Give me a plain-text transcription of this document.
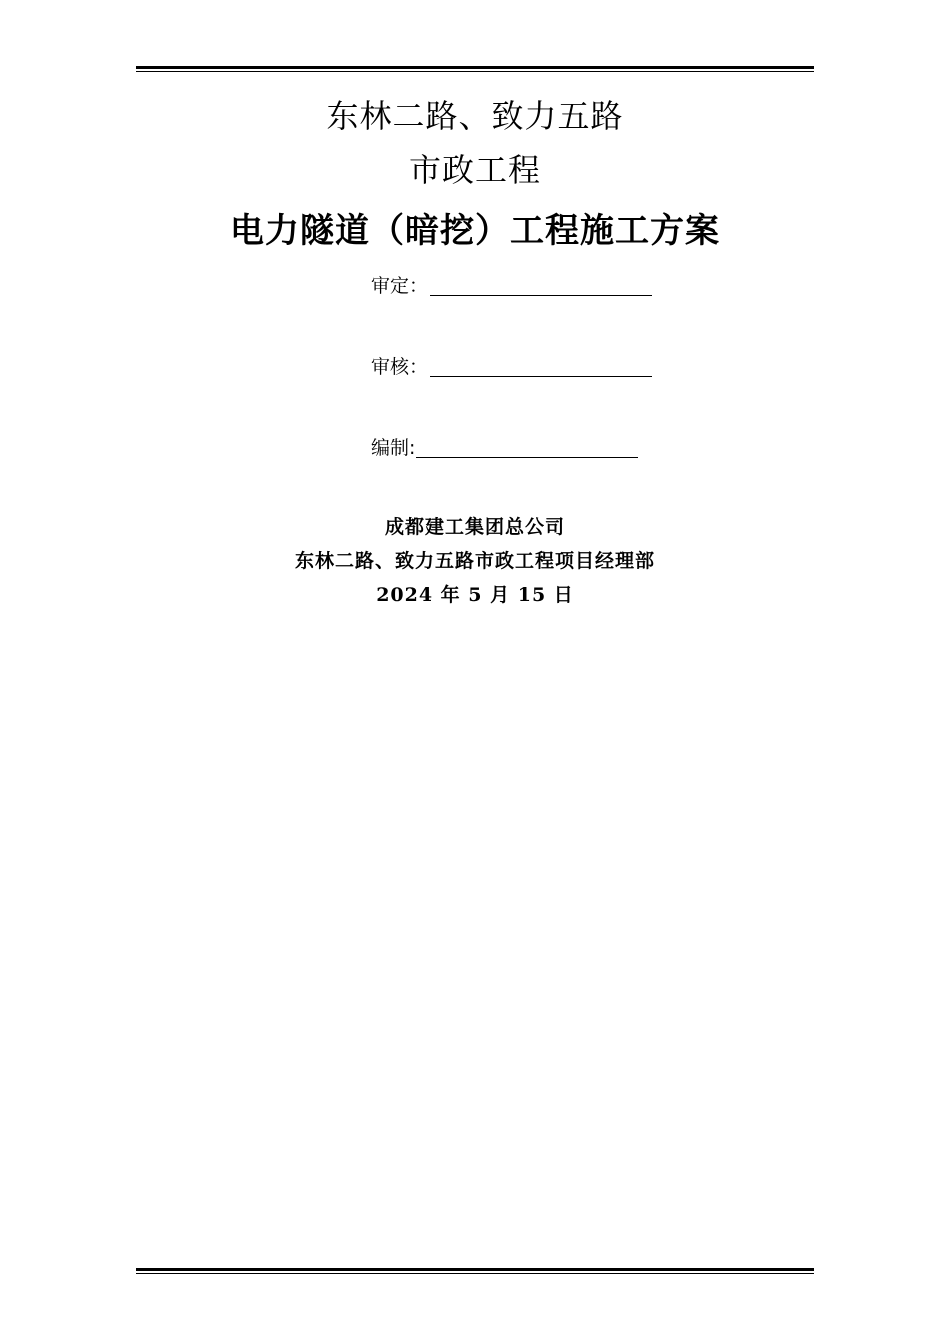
东林二路、致力五路
市政工程
电力隧道（暗挖）工程施工方案
审定：
审核：
编制:
成都建工集团总公司
东林二路、致力五路市政工程项目经理部
2024 年 5 月 15 日
